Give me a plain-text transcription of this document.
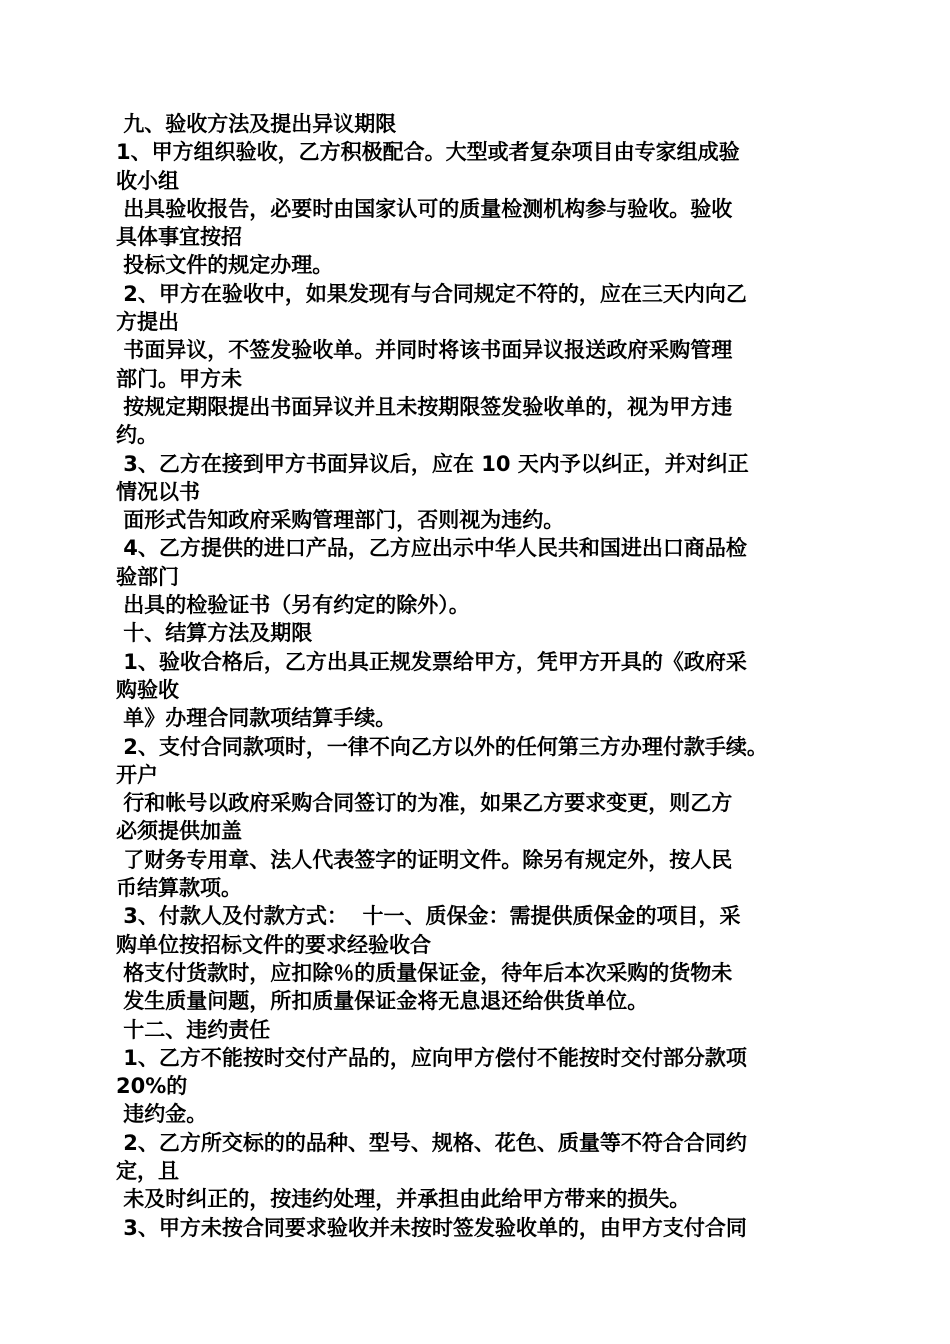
九、验收方法及提出异议期限

1、甲方组织验收，乙方积极配合。大型或者复杂项目由专家组成验

收小组

出具验收报告，必要时由国家认可的质量检测机构参与验收。验收

具体事宜按招

投标文件的规定办理。

2、甲方在验收中，如果发现有与合同规定不符的，应在三天内向乙

方提出

书面异议，不签发验收单。并同时将该书面异议报送政府采购管理

部门。甲方未

按规定期限提出书面异议并且未按期限签发验收单的，视为甲方违

约。

3、乙方在接到甲方书面异议后，应在 10 天内予以纠正，并对纠正

情况以书

面形式告知政府采购管理部门，否则视为违约。

4、乙方提供的进口产品，乙方应出示中华人民共和国进出口商品检

验部门

出具的检验证书（另有约定的除外）。

十、结算方法及期限

1、验收合格后，乙方出具正规发票给甲方，凭甲方开具的《政府采

购验收

单》办理合同款项结算手续。

2、支付合同款项时，一律不向乙方以外的任何第三方办理付款手续。

开户

行和帐号以政府采购合同签订的为准，如果乙方要求变更，则乙方

必须提供加盖

了财务专用章、法人代表签字的证明文件。除另有规定外，按人民

币结算款项。

3、付款人及付款方式：  十一、质保金：需提供质保金的项目，采

购单位按招标文件的要求经验收合

格支付货款时，应扣除％的质量保证金，待年后本次采购的货物未

发生质量问题，所扣质量保证金将无息退还给供货单位。

十二、违约责任

1、乙方不能按时交付产品的，应向甲方偿付不能按时交付部分款项

20%的

违约金。

2、乙方所交标的的品种、型号、规格、花色、质量等不符合合同约

定，且

未及时纠正的，按违约处理，并承担由此给甲方带来的损失。

3、甲方未按合同要求验收并未按时签发验收单的，由甲方支付合同
